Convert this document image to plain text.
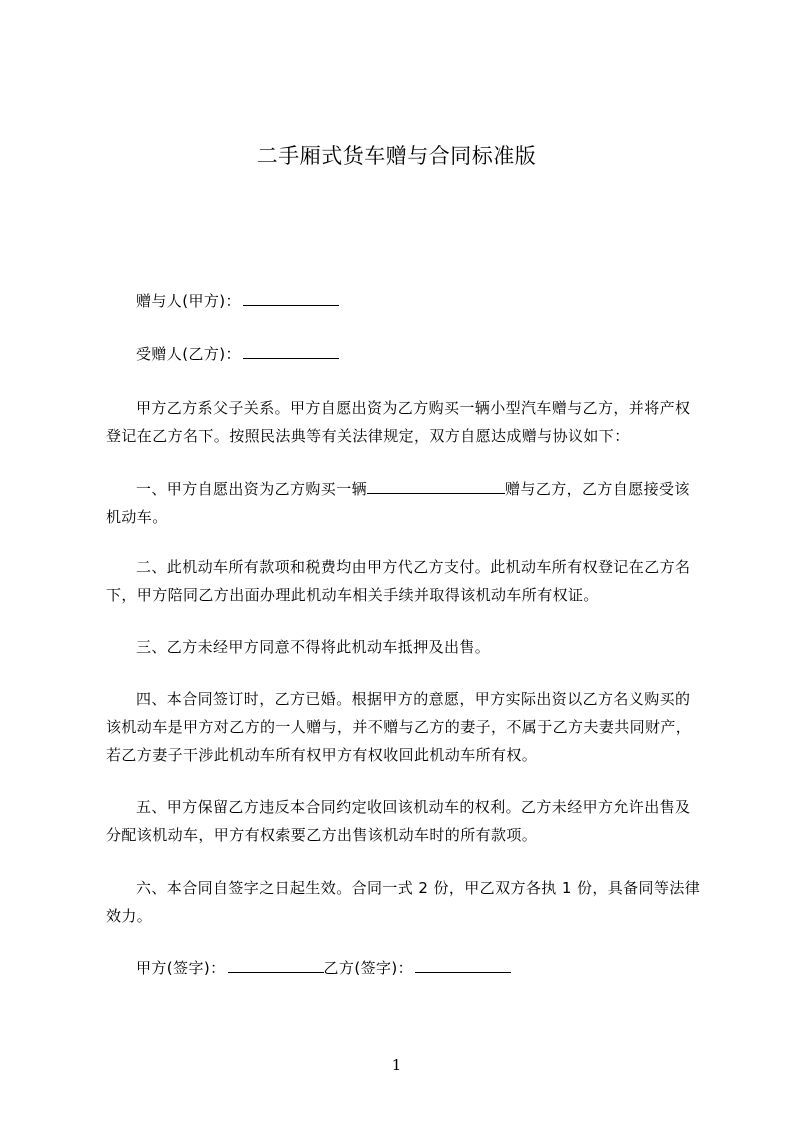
二手厢式货车赠与合同标准版
赠与人(甲方)：
受赠人(乙方)：
甲方乙方系父子关系。甲方自愿出资为乙方购买一辆小型汽车赠与乙方，并将产权登记在乙方名下。按照民法典等有关法律规定，双方自愿达成赠与协议如下：
一、甲方自愿出资为乙方购买一辆	赠与乙方，乙方自愿接受该机动车。
二、此机动车所有款项和税费均由甲方代乙方支付。此机动车所有权登记在乙方名下，甲方陪同乙方出面办理此机动车相关手续并取得该机动车所有权证。
三、乙方未经甲方同意不得将此机动车抵押及出售。
四、本合同签订时，乙方已婚。根据甲方的意愿，甲方实际出资以乙方名义购买的该机动车是甲方对乙方的一人赠与，并不赠与乙方的妻子，不属于乙方夫妻共同财产，若乙方妻子干涉此机动车所有权甲方有权收回此机动车所有权。
五、甲方保留乙方违反本合同约定收回该机动车的权利。乙方未经甲方允许出售及分配该机动车，甲方有权索要乙方出售该机动车时的所有款项。
六、本合同自签字之日起生效。合同一式 2 份，甲乙双方各执 1 份，具备同等法律效力。
甲方(签字)：	乙方(签字)：
1
